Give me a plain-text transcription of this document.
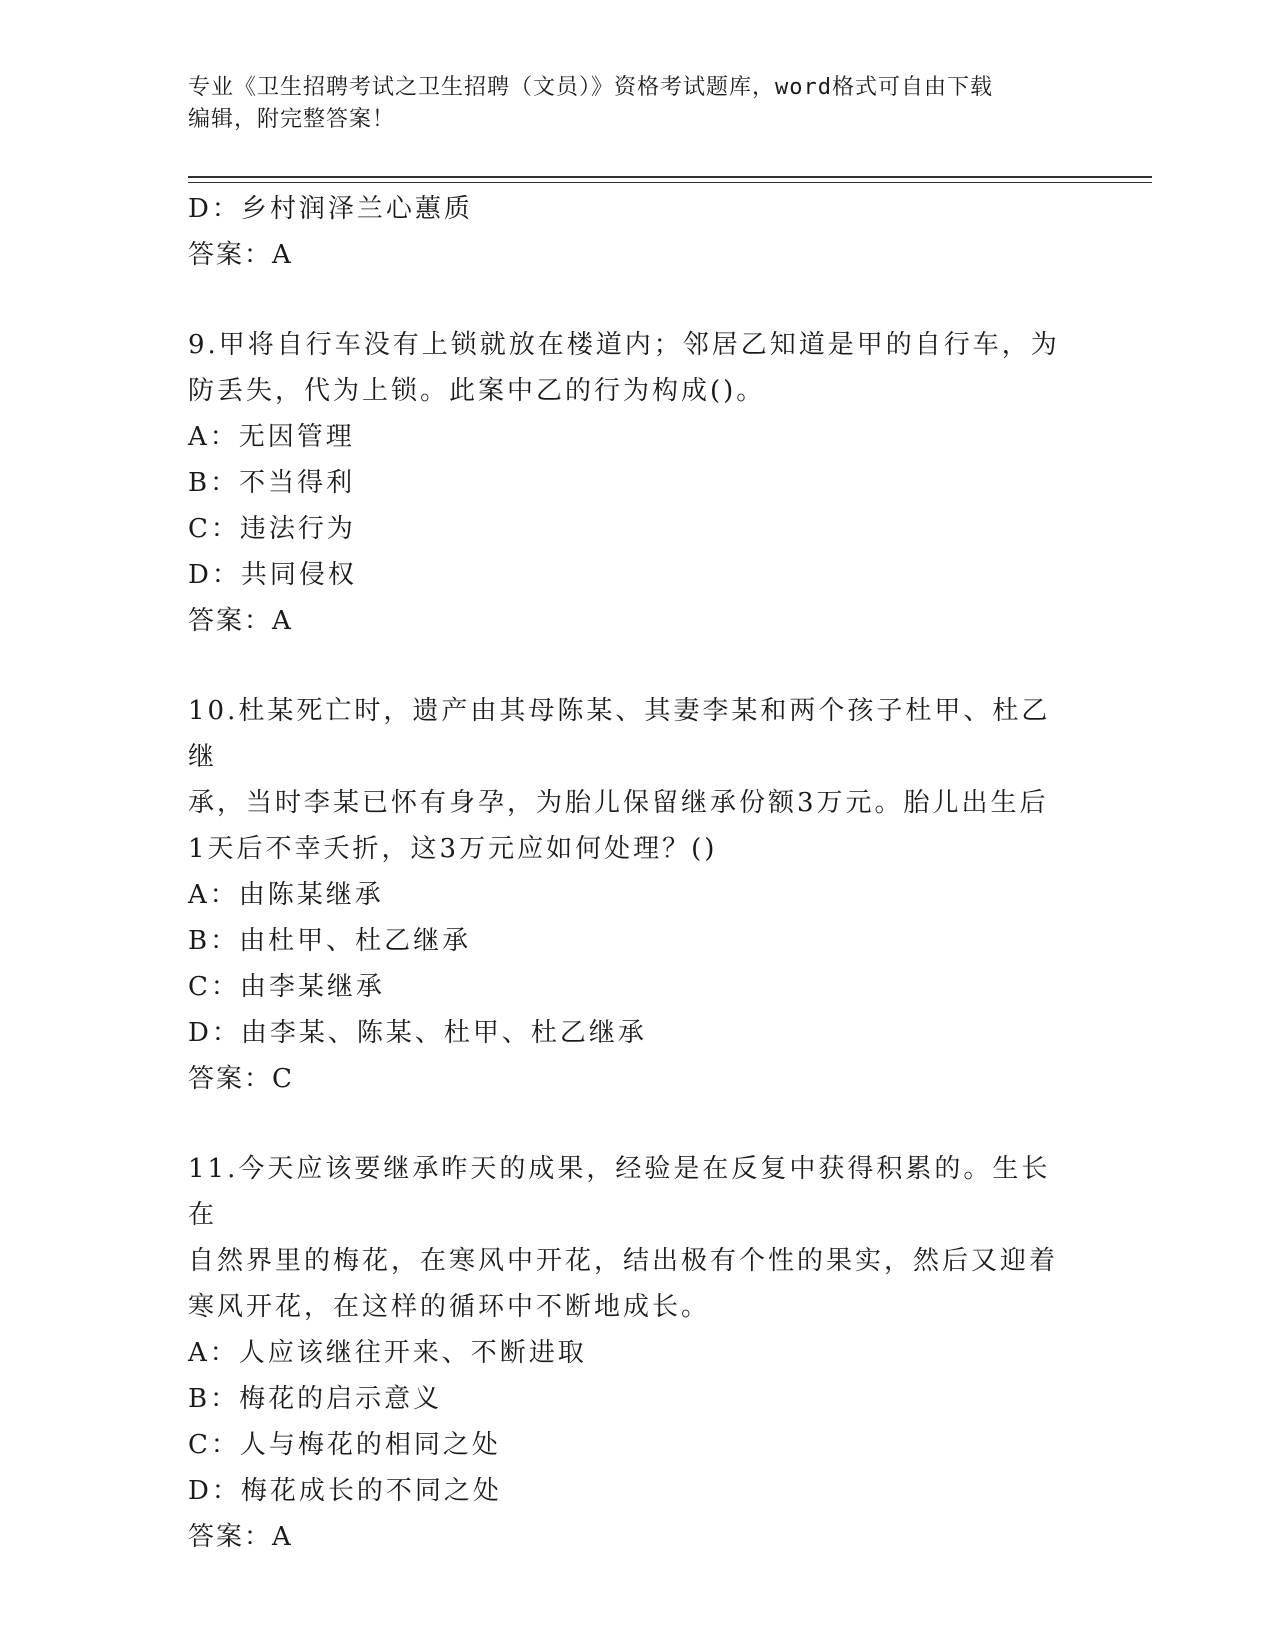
专业《卫生招聘考试之卫生招聘（文员）》资格考试题库，word格式可自由下载
编辑，附完整答案！
D：乡村润泽兰心蕙质
答案：A
9.甲将自行车没有上锁就放在楼道内；邻居乙知道是甲的自行车，为
防丢失，代为上锁。此案中乙的行为构成()。
A：无因管理
B：不当得利
C：违法行为
D：共同侵权
答案：A
10.杜某死亡时，遗产由其母陈某、其妻李某和两个孩子杜甲、杜乙继
承，当时李某已怀有身孕，为胎儿保留继承份额3万元。胎儿出生后
1天后不幸夭折，这3万元应如何处理？()
A：由陈某继承
B：由杜甲、杜乙继承
C：由李某继承
D：由李某、陈某、杜甲、杜乙继承
答案：C
11.今天应该要继承昨天的成果，经验是在反复中获得积累的。生长在
自然界里的梅花，在寒风中开花，结出极有个性的果实，然后又迎着
寒风开花，在这样的循环中不断地成长。
A：人应该继往开来、不断进取
B：梅花的启示意义
C：人与梅花的相同之处
D：梅花成长的不同之处
答案：A
